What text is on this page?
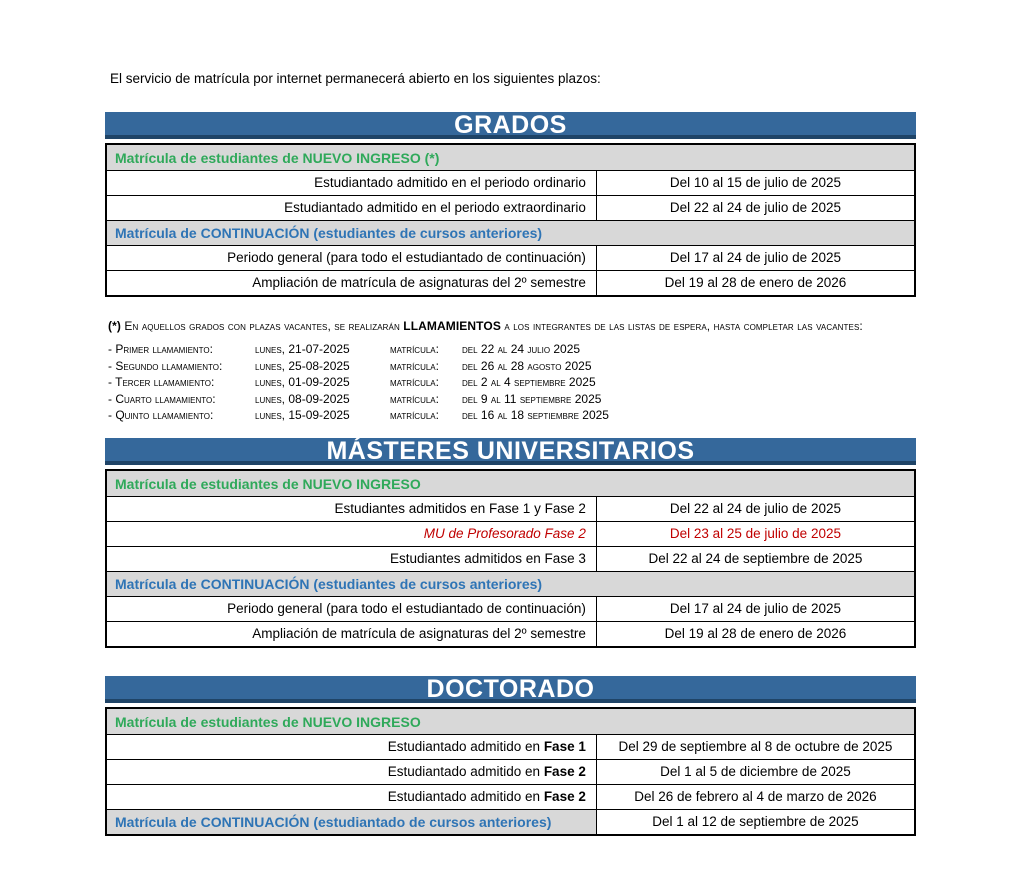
El servicio de matrícula por internet permanecerá abierto en los siguientes plazos:

GRADOS
Matrícula de estudiantes de NUEVO INGRESO (*)
Estudiantado admitido en el periodo ordinario	Del 10 al 15 de julio de 2025
Estudiantado admitido en el periodo extraordinario	Del 22 al 24 de julio de 2025
Matrícula de CONTINUACIÓN (estudiantes de cursos anteriores)
Periodo general (para todo el estudiantado de continuación)	Del 17 al 24 de julio de 2025
Ampliación de matrícula de asignaturas del 2º semestre	Del 19 al 28 de enero de 2026
(*) En aquellos grados con plazas vacantes, se realizarán LLAMAMIENTOS a los integrantes de las listas de espera, hasta completar las vacantes:
- Primer llamamiento:	lunes, 21-07-2025	matrícula:	del 22 al 24 julio 2025
- Segundo llamamiento:	lunes, 25-08-2025	matrícula:	del 26 al 28 agosto 2025
- Tercer llamamiento:	lunes, 01-09-2025	matrícula:	del 2 al 4 septiembre 2025
- Cuarto llamamiento:	lunes, 08-09-2025	matrícula:	del 9 al 11 septiembre 2025
- Quinto llamamiento:	lunes, 15-09-2025	matrícula:	del 16 al 18 septiembre 2025
MÁSTERES UNIVERSITARIOS
Matrícula de estudiantes de NUEVO INGRESO
Estudiantes admitidos en Fase 1 y Fase 2	Del 22 al 24 de julio de 2025
MU de Profesorado Fase 2	Del 23 al 25 de julio de 2025
Estudiantes admitidos en Fase 3	Del 22 al 24 de septiembre de 2025
Matrícula de CONTINUACIÓN (estudiantes de cursos anteriores)
Periodo general (para todo el estudiantado de continuación)	Del 17 al 24 de julio de 2025
Ampliación de matrícula de asignaturas del 2º semestre	Del 19 al 28 de enero de 2026
DOCTORADO
Matrícula de estudiantes de NUEVO INGRESO
Estudiantado admitido en Fase 1	Del 29 de septiembre al 8 de octubre de 2025
Estudiantado admitido en Fase 2	Del 1 al 5 de diciembre de 2025
Estudiantado admitido en Fase 2	Del 26 de febrero al 4 de marzo de 2026
Matrícula de CONTINUACIÓN (estudiantado de cursos anteriores)	Del 1 al 12 de septiembre de 2025
